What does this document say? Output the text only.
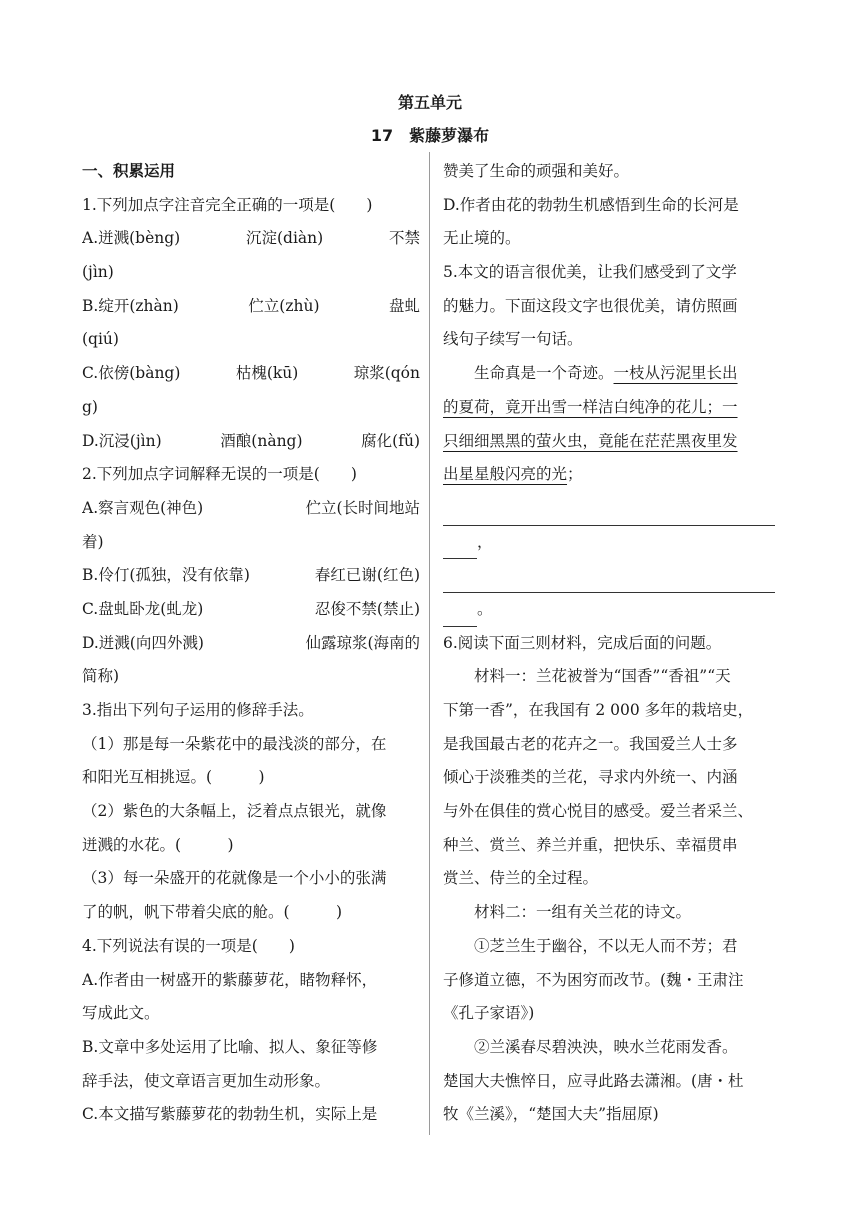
第五单元
17　紫藤萝瀑布
一、积累运用
1.下列加点字注音完全正确的一项是(　　)
A.迸溅(bèng)	沉淀(diàn)	不禁
(jìn)
B.绽开(zhàn)	伫立(zhù)	盘虬
(qiú)
C.依傍(bàng)	枯槐(kū)	琼浆(qón
g)
D.沉浸(jìn)	酒酿(nàng)	腐化(fǔ)
2.下列加点字词解释无误的一项是(　　)
A.察言观色(神色)	伫立(长时间地站
着)
B.伶仃(孤独，没有依靠)	春红已谢(红色)
C.盘虬卧龙(虬龙)	忍俊不禁(禁止)
D.迸溅(向四外溅)	仙露琼浆(海南的
简称)
3.指出下列句子运用的修辞手法。
（1）那是每一朵紫花中的最浅淡的部分，在
和阳光互相挑逗。(　　　)
（2）紫色的大条幅上，泛着点点银光，就像
迸溅的水花。(　　　)
（3）每一朵盛开的花就像是一个小小的张满
了的帆，帆下带着尖底的舱。(　　　)
4.下列说法有误的一项是(　　)
A.作者由一树盛开的紫藤萝花，睹物释怀，
写成此文。
B.文章中多处运用了比喻、拟人、象征等修
辞手法，使文章语言更加生动形象。
C.本文描写紫藤萝花的勃勃生机，实际上是
赞美了生命的顽强和美好。
D.作者由花的勃勃生机感悟到生命的长河是
无止境的。
5.本文的语言很优美，让我们感受到了文学
的魅力。下面这段文字也很优美，请仿照画
线句子续写一句话。
生命真是一个奇迹。一枝从污泥里长出
的夏荷，竟开出雪一样洁白纯净的花儿；一
只细细黑黑的萤火虫，竟能在茫茫黑夜里发
出星星般闪亮的光；
，
。
6.阅读下面三则材料，完成后面的问题。
材料一：兰花被誉为“国香”“香祖”“天
下第一香”，在我国有 2 000 多年的栽培史，
是我国最古老的花卉之一。我国爱兰人士多
倾心于淡雅类的兰花，寻求内外统一、内涵
与外在俱佳的赏心悦目的感受。爱兰者采兰、
种兰、赏兰、养兰并重，把快乐、幸福贯串
赏兰、侍兰的全过程。
材料二：一组有关兰花的诗文。
①芝兰生于幽谷，不以无人而不芳；君
子修道立德，不为困穷而改节。(魏・王肃注
《孔子家语》)
②兰溪春尽碧泱泱，映水兰花雨发香。
楚国大夫憔悴日，应寻此路去潇湘。(唐・杜
牧《兰溪》，“楚国大夫”指屈原)
